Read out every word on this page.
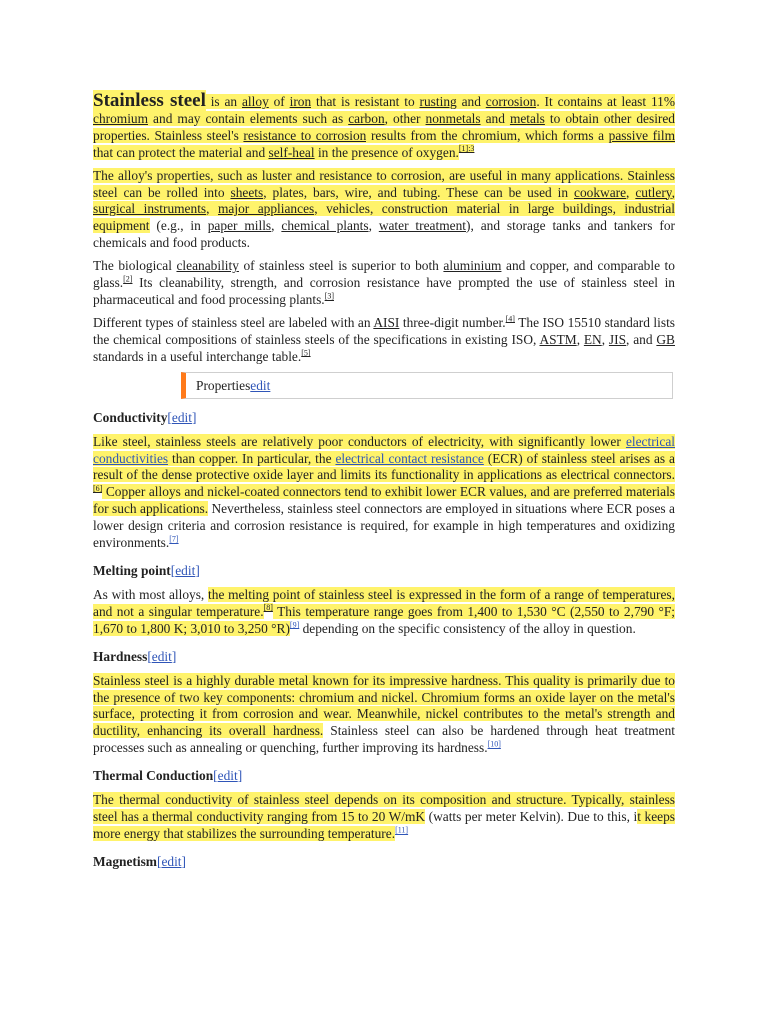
Stainless steel is an alloy of iron that is resistant to rusting and corrosion. It contains at least 11% chromium and may contain elements such as carbon, other nonmetals and metals to obtain other desired properties. Stainless steel's resistance to corrosion results from the chromium, which forms a passive film that can protect the material and self-heal in the presence of oxygen.$^{[1]:3}$

The alloy's properties, such as luster and resistance to corrosion, are useful in many applications. Stainless steel can be rolled into sheets, plates, bars, wire, and tubing. These can be used in cookware, cutlery, surgical instruments, major appliances, vehicles, construction material in large buildings, industrial equipment (e.g., in paper mills, chemical plants, water treatment), and storage tanks and tankers for chemicals and food products.

The biological cleanability of stainless steel is superior to both aluminium and copper, and comparable to glass.[2] Its cleanability, strength, and corrosion resistance have prompted the use of stainless steel in pharmaceutical and food processing plants.[3]

Different types of stainless steel are labeled with an AISI three-digit number.[4] The ISO 15510 standard lists the chemical compositions of stainless steels of the specifications in existing ISO, ASTM, EN, JIS, and GB standards in a useful interchange table.[5]

Propertiesedit
Conductivity[edit]

Like steel, stainless steels are relatively poor conductors of electricity, with significantly lower electrical conductivities than copper. In particular, the electrical contact resistance (ECR) of stainless steel arises as a result of the dense protective oxide layer and limits its functionality in applications as electrical connectors.[6] Copper alloys and nickel-coated connectors tend to exhibit lower ECR values, and are preferred materials for such applications. Nevertheless, stainless steel connectors are employed in situations where ECR poses a lower design criteria and corrosion resistance is required, for example in high temperatures and oxidizing environments.[7]

Melting point[edit]

As with most alloys, the melting point of stainless steel is expressed in the form of a range of temperatures, and not a singular temperature.[8] This temperature range goes from 1,400 to 1,530 °C (2,550 to 2,790 °F; 1,670 to 1,800 K; 3,010 to 3,250 °R)[9] depending on the specific consistency of the alloy in question.

Hardness[edit]

Stainless steel is a highly durable metal known for its impressive hardness. This quality is primarily due to the presence of two key components: chromium and nickel. Chromium forms an oxide layer on the metal's surface, protecting it from corrosion and wear. Meanwhile, nickel contributes to the metal's strength and ductility, enhancing its overall hardness. Stainless steel can also be hardened through heat treatment processes such as annealing or quenching, further improving its hardness.[10]

Thermal Conduction[edit]

The thermal conductivity of stainless steel depends on its composition and structure. Typically, stainless steel has a thermal conductivity ranging from 15 to 20 W/mK (watts per meter Kelvin). Due to this, it keeps more energy that stabilizes the surrounding temperature.[11]

Magnetism[edit]
